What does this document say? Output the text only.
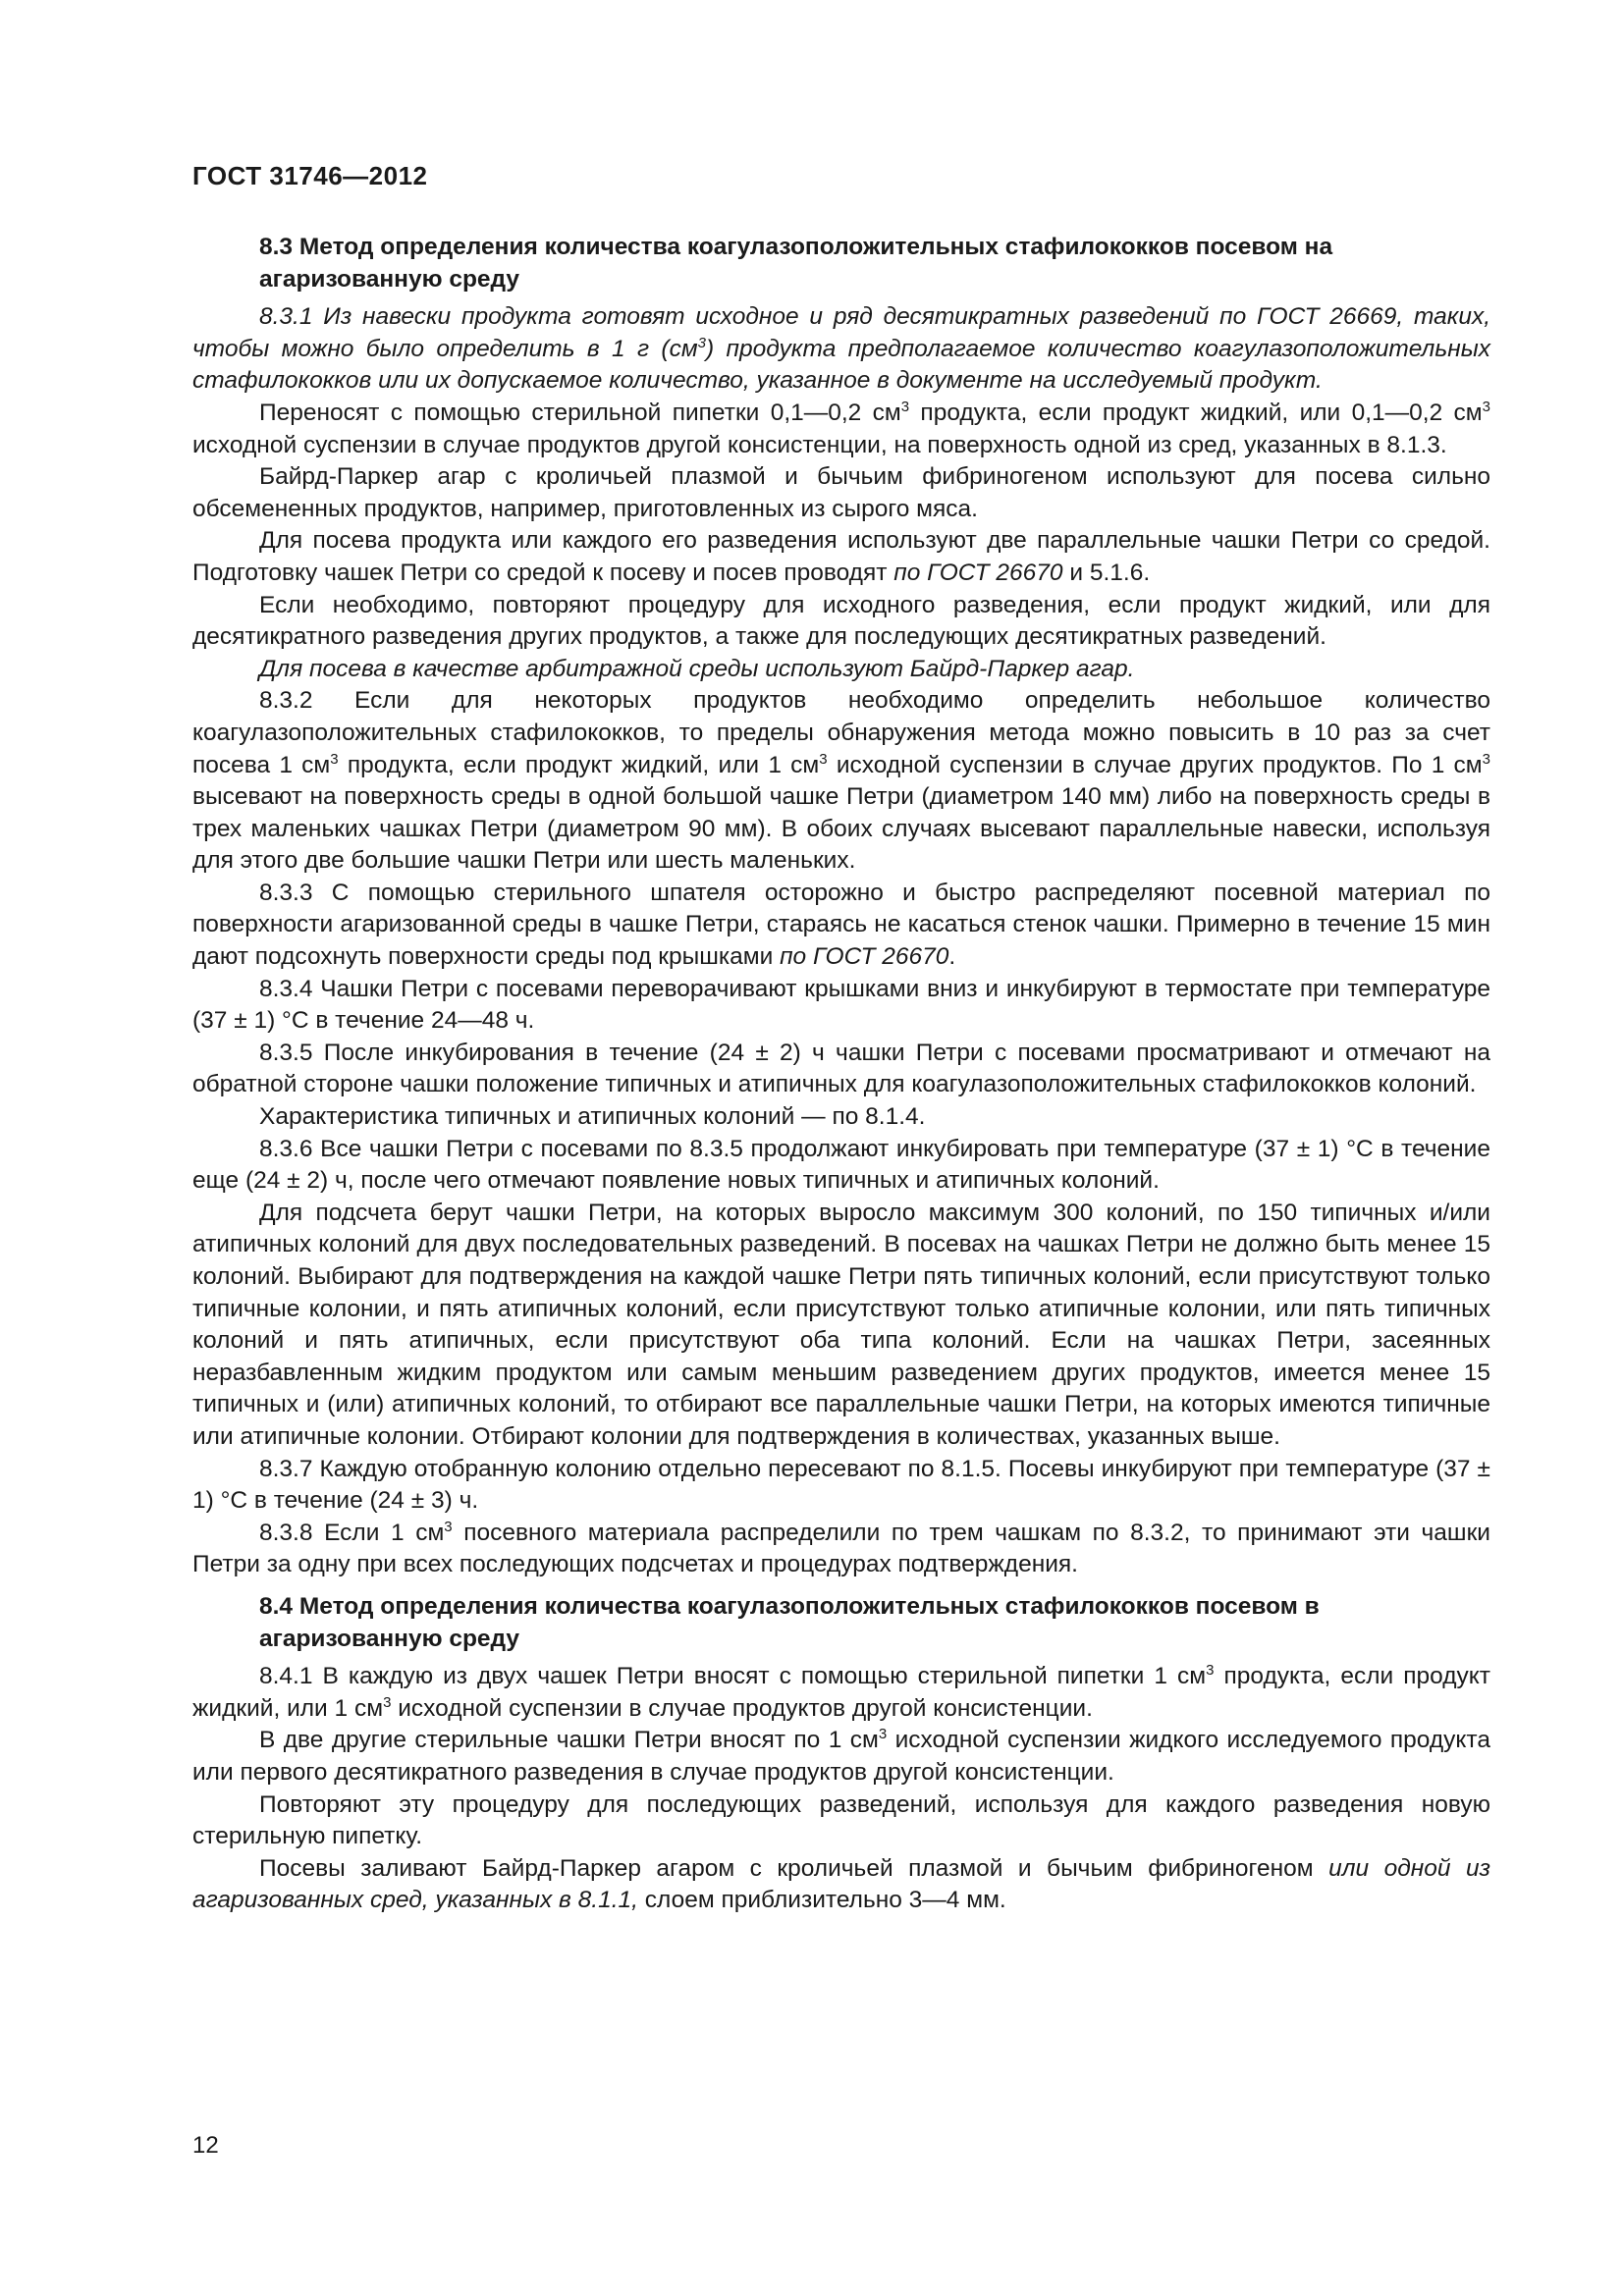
ГОСТ 31746—2012

8.3 Метод определения количества коагулазоположительных стафилококков посевом на агаризованную среду

8.3.1 Из навески продукта готовят исходное и ряд десятикратных разведений по ГОСТ 26669, таких, чтобы можно было определить в 1 г $(см^3)$ продукта предполагаемое количество коагулазоположительных стафилококков или их допускаемое количество, указанное в документе на исследуемый продукт.

Переносят с помощью стерильной пипетки 0,1—0,2 $см^3$ продукта, если продукт жидкий, или 0,1—0,2 $см^3$ исходной суспензии в случае продуктов другой консистенции, на поверхность одной из сред, указанных в 8.1.3.

Байрд-Паркер агар с кроличьей плазмой и бычьим фибриногеном используют для посева сильно обсемененных продуктов, например, приготовленных из сырого мяса.

Для посева продукта или каждого его разведения используют две параллельные чашки Петри со средой. Подготовку чашек Петри со средой к посеву и посев проводят по ГОСТ 26670 и 5.1.6.

Если необходимо, повторяют процедуру для исходного разведения, если продукт жидкий, или для десятикратного разведения других продуктов, а также для последующих десятикратных разведений.

Для посева в качестве арбитражной среды используют Байрд-Паркер агар.

8.3.2 Если для некоторых продуктов необходимо определить небольшое количество коагулазоположительных стафилококков, то пределы обнаружения метода можно повысить в 10 раз за счет посева 1 $см^3$ продукта, если продукт жидкий, или 1 $см^3$ исходной суспензии в случае других продуктов. По 1 $см^3$ высевают на поверхность среды в одной большой чашке Петри (диаметром 140 мм) либо на поверхность среды в трех маленьких чашках Петри (диаметром 90 мм). В обоих случаях высевают параллельные навески, используя для этого две большие чашки Петри или шесть маленьких.

8.3.3 С помощью стерильного шпателя осторожно и быстро распределяют посевной материал по поверхности агаризованной среды в чашке Петри, стараясь не касаться стенок чашки. Примерно в течение 15 мин дают подсохнуть поверхности среды под крышками по ГОСТ 26670.

8.3.4 Чашки Петри с посевами переворачивают крышками вниз и инкубируют в термостате при температуре (37 ± 1) °С в течение 24—48 ч.

8.3.5 После инкубирования в течение (24 ± 2) ч чашки Петри с посевами просматривают и отмечают на обратной стороне чашки положение типичных и атипичных для коагулазоположительных стафилококков колоний.

Характеристика типичных и атипичных колоний — по 8.1.4.

8.3.6 Все чашки Петри с посевами по 8.3.5 продолжают инкубировать при температуре (37 ± 1) °С в течение еще (24 ± 2) ч, после чего отмечают появление новых типичных и атипичных колоний.

Для подсчета берут чашки Петри, на которых выросло максимум 300 колоний, по 150 типичных и/или атипичных колоний для двух последовательных разведений. В посевах на чашках Петри не должно быть менее 15 колоний. Выбирают для подтверждения на каждой чашке Петри пять типичных колоний, если присутствуют только типичные колонии, и пять атипичных колоний, если присутствуют только атипичные колонии, или пять типичных колоний и пять атипичных, если присутствуют оба типа колоний. Если на чашках Петри, засеянных неразбавленным жидким продуктом или самым меньшим разведением других продуктов, имеется менее 15 типичных и (или) атипичных колоний, то отбирают все параллельные чашки Петри, на которых имеются типичные или атипичные колонии. Отбирают колонии для подтверждения в количествах, указанных выше.

8.3.7 Каждую отобранную колонию отдельно пересевают по 8.1.5. Посевы инкубируют при температуре (37 ± 1) °С в течение (24 ± 3) ч.

8.3.8 Если 1 $см^3$ посевного материала распределили по трем чашкам по 8.3.2, то принимают эти чашки Петри за одну при всех последующих подсчетах и процедурах подтверждения.

8.4 Метод определения количества коагулазоположительных стафилококков посевом в агаризованную среду

8.4.1 В каждую из двух чашек Петри вносят с помощью стерильной пипетки 1 $см^3$ продукта, если продукт жидкий, или 1 $см^3$ исходной суспензии в случае продуктов другой консистенции.

В две другие стерильные чашки Петри вносят по 1 $см^3$ исходной суспензии жидкого исследуемого продукта или первого десятикратного разведения в случае продуктов другой консистенции.

Повторяют эту процедуру для последующих разведений, используя для каждого разведения новую стерильную пипетку.

Посевы заливают Байрд-Паркер агаром с кроличьей плазмой и бычьим фибриногеном или одной из агаризованных сред, указанных в 8.1.1, слоем приблизительно 3—4 мм.

12
